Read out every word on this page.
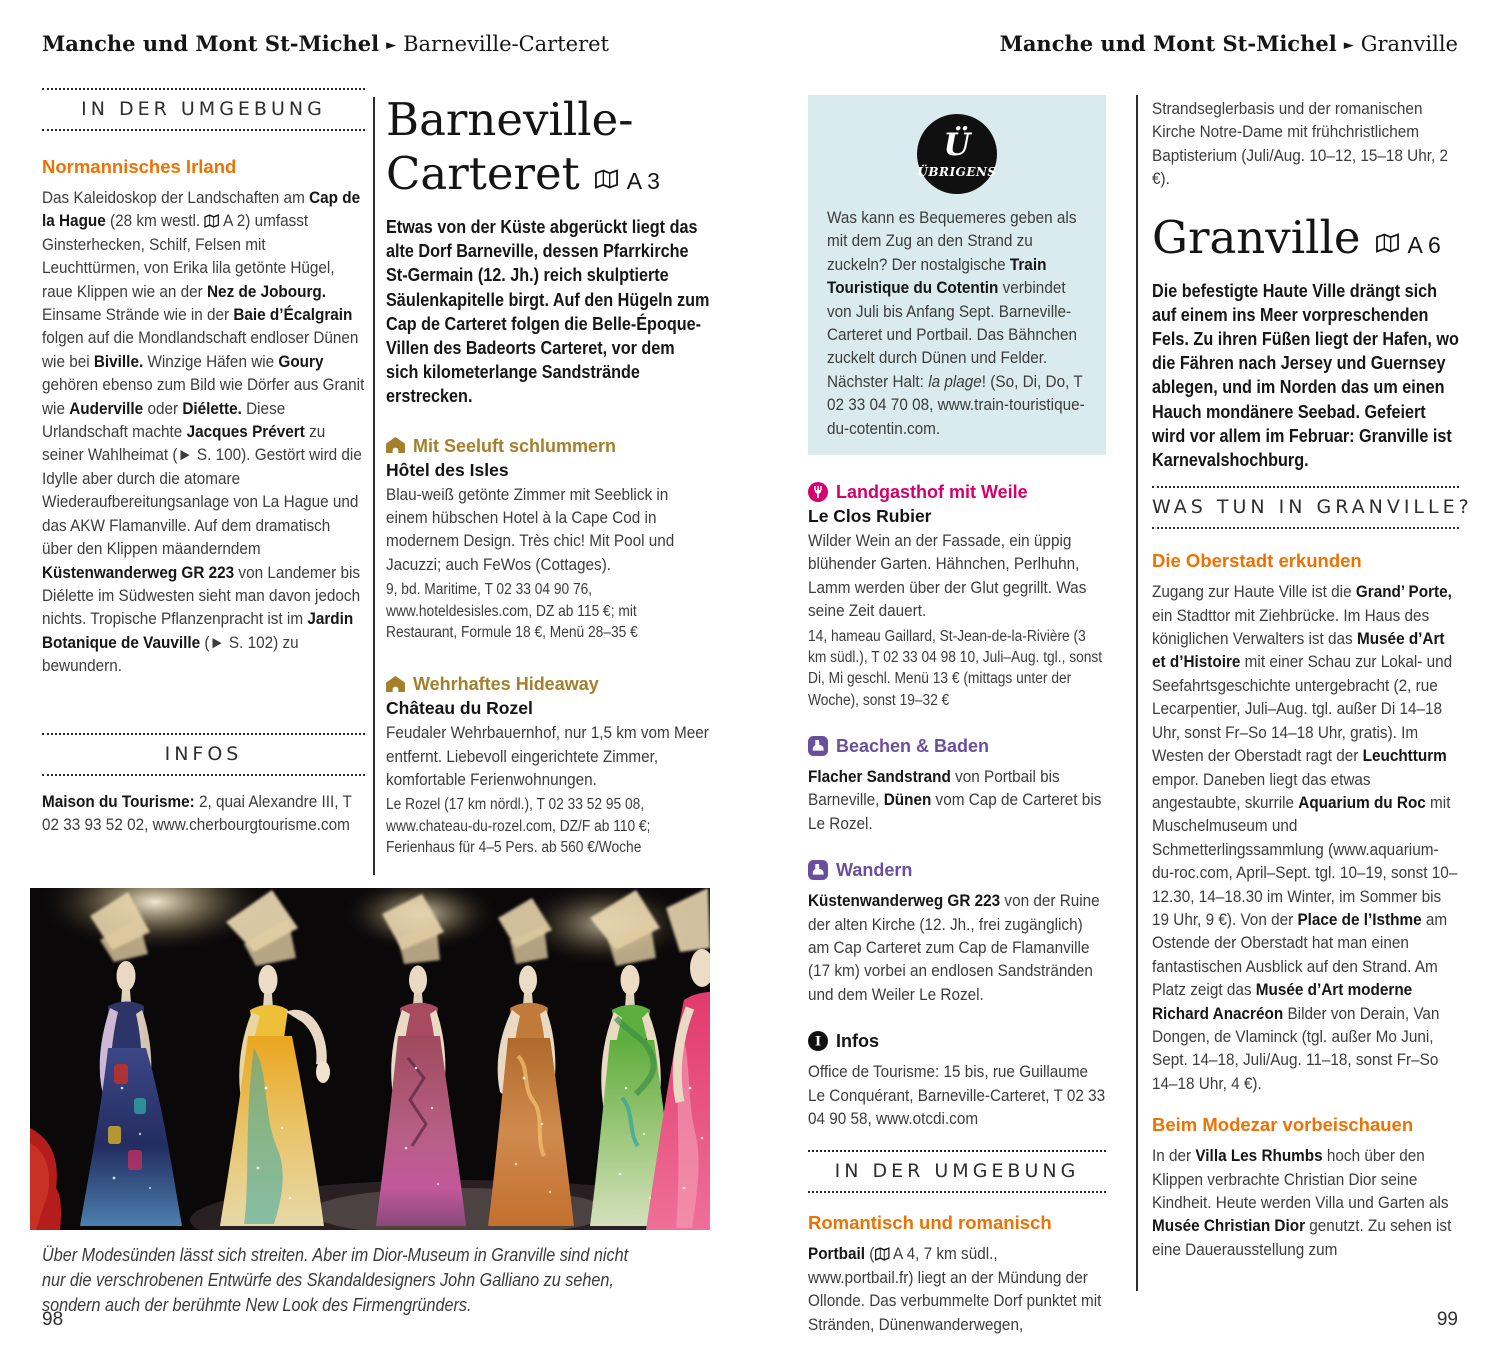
Manche und Mont St-Michel ► Barneville-Carteret	Manche und Mont St-Michel ► Granville
IN DER UMGEBUNG
Normannisches Irland

Das Kaleidoskop der Landschaften am Cap de la Hague (28 km westl.  A 2) umfasst Ginsterhecken, Schilf, Felsen mit Leuchttürmen, von Erika lila getönte Hügel, raue Klippen wie an der Nez de Jobourg. Einsame Strände wie in der Baie d’Écalgrain folgen auf die Mondlandschaft endloser Dünen wie bei Biville. Winzige Häfen wie Goury gehören ebenso zum Bild wie Dörfer aus Granit wie Auderville oder Diélette. Diese Urlandschaft machte Jacques Prévert zu seiner Wahlheimat (► S. 100). Gestört wird die Idylle aber durch die atomare Wiederaufbereitungsanlage von La Hague und das AKW Flamanville. Auf dem dramatisch über den Klippen mäanderndem Küstenwanderweg GR 223 von Landemer bis Diélette im Südwesten sieht man davon jedoch nichts. Tropische Pflanzenpracht ist im Jardin Botanique de Vauville (► S. 102) zu bewundern.

INFOS

Maison du Tourisme: 2, quai Alexandre III, T 02 33 93 52 02, www.cherbourgtourisme.com

Über Modesünden lässt sich streiten. Aber im Dior-Museum in Granville sind nicht nur die verschrobenen Entwürfe des Skandaldesigners John Galliano zu sehen, sondern auch der berühmte New Look des Firmengründers.

98	99
Barneville-
Carteret A 3

Etwas von der Küste abgerückt liegt das alte Dorf Barneville, dessen Pfarrkirche St-Germain (12. Jh.) reich skulptierte Säulenkapitelle birgt. Auf den Hügeln zum Cap de Carteret folgen die Belle-Époque-Villen des Badeorts Carteret, vor dem sich kilometerlange Sandstrände erstrecken.

Mit Seeluft schlummern
Hôtel des Isles

Blau-weiß getönte Zimmer mit Seeblick in einem hübschen Hotel à la Cape Cod in modernem Design. Très chic! Mit Pool und Jacuzzi; auch FeWos (Cottages).

9, bd. Maritime, T 02 33 04 90 76, www.hoteldesisles.com, DZ ab 115 €; mit Restaurant, Formule 18 €, Menü 28–35 €

Wehrhaftes Hideaway
Château du Rozel

Feudaler Wehrbauernhof, nur 1,5 km vom Meer entfernt. Liebevoll eingerichtete Zimmer, komfortable Ferienwohnungen.

Le Rozel (17 km nördl.), T 02 33 52 95 08, www.chateau-du-rozel.com, DZ/F ab 110 €; Ferienhaus für 4–5 Pers. ab 560 €/Woche

Ü
ÜBRIGENS

Was kann es Bequemeres geben als mit dem Zug an den Strand zu zuckeln? Der nostalgische Train Touristique du Cotentin verbindet von Juli bis Anfang Sept. Barneville-Carteret und Portbail. Das Bähnchen zuckelt durch Dünen und Felder. Nächster Halt: la plage! (So, Di, Do, T 02 33 04 70 08, www.train-touristique-du-cotentin.com.

Landgasthof mit Weile
Le Clos Rubier

Wilder Wein an der Fassade, ein üppig blühender Garten. Hähnchen, Perlhuhn, Lamm werden über der Glut gegrillt. Was seine Zeit dauert.

14, hameau Gaillard, St-Jean-de-la-Rivière (3 km südl.), T 02 33 04 98 10, Juli–Aug. tgl., sonst Di, Mi geschl. Menü 13 € (mittags unter der Woche), sonst 19–32 €

Beachen & Baden

Flacher Sandstrand von Portbail bis Barneville, Dünen vom Cap de Carteret bis Le Rozel.

Wandern

Küstenwanderweg GR 223 von der Ruine der alten Kirche (12. Jh., frei zugänglich) am Cap Carteret zum Cap de Flamanville (17 km) vorbei an endlosen Sandstränden und dem Weiler Le Rozel.

I Infos

Office de Tourisme: 15 bis, rue Guillaume Le Conquérant, Barneville-Carteret, T 02 33 04 90 58, www.otcdi.com

IN DER UMGEBUNG
Romantisch und romanisch

Portbail ( A 4, 7 km südl., www.portbail.fr) liegt an der Mündung der Ollonde. Das verbummelte Dorf punktet mit Stränden, Dünenwanderwegen,

Strandseglerbasis und der romanischen Kirche Notre-Dame mit frühchristlichem Baptisterium (Juli/Aug. 10–12, 15–18 Uhr, 2 €).

Granville A 6

Die befestigte Haute Ville drängt sich auf einem ins Meer vorpreschenden Fels. Zu ihren Füßen liegt der Hafen, wo die Fähren nach Jersey und Guernsey ablegen, und im Norden das um einen Hauch mondänere Seebad. Gefeiert wird vor allem im Februar: Granville ist Karnevalshochburg.

WAS TUN IN GRANVILLE?
Die Oberstadt erkunden

Zugang zur Haute Ville ist die Grand’ Porte, ein Stadttor mit Ziehbrücke. Im Haus des königlichen Verwalters ist das Musée d’Art et d’Histoire mit einer Schau zur Lokal- und Seefahrtsgeschichte untergebracht (2, rue Lecarpentier, Juli–Aug. tgl. außer Di 14–18 Uhr, sonst Fr–So 14–18 Uhr, gratis). Im Westen der Oberstadt ragt der Leuchtturm empor. Daneben liegt das etwas angestaubte, skurrile Aquarium du Roc mit Muschelmuseum und Schmetterlingssammlung (www.aquarium-du-roc.com, April–Sept. tgl. 10–19, sonst 10–12.30, 14–18.30 im Winter, im Sommer bis 19 Uhr, 9 €). Von der Place de l’Isthme am Ostende der Oberstadt hat man einen fantastischen Ausblick auf den Strand. Am Platz zeigt das Musée d’Art moderne Richard Anacréon Bilder von Derain, Van Dongen, de Vlaminck (tgl. außer Mo Juni, Sept. 14–18, Juli/Aug. 11–18, sonst Fr–So 14–18 Uhr, 4 €).

Beim Modezar vorbeischauen

In der Villa Les Rhumbs hoch über den Klippen verbrachte Christian Dior seine Kindheit. Heute werden Villa und Garten als Musée Christian Dior genutzt. Zu sehen ist eine Dauerausstellung zum
